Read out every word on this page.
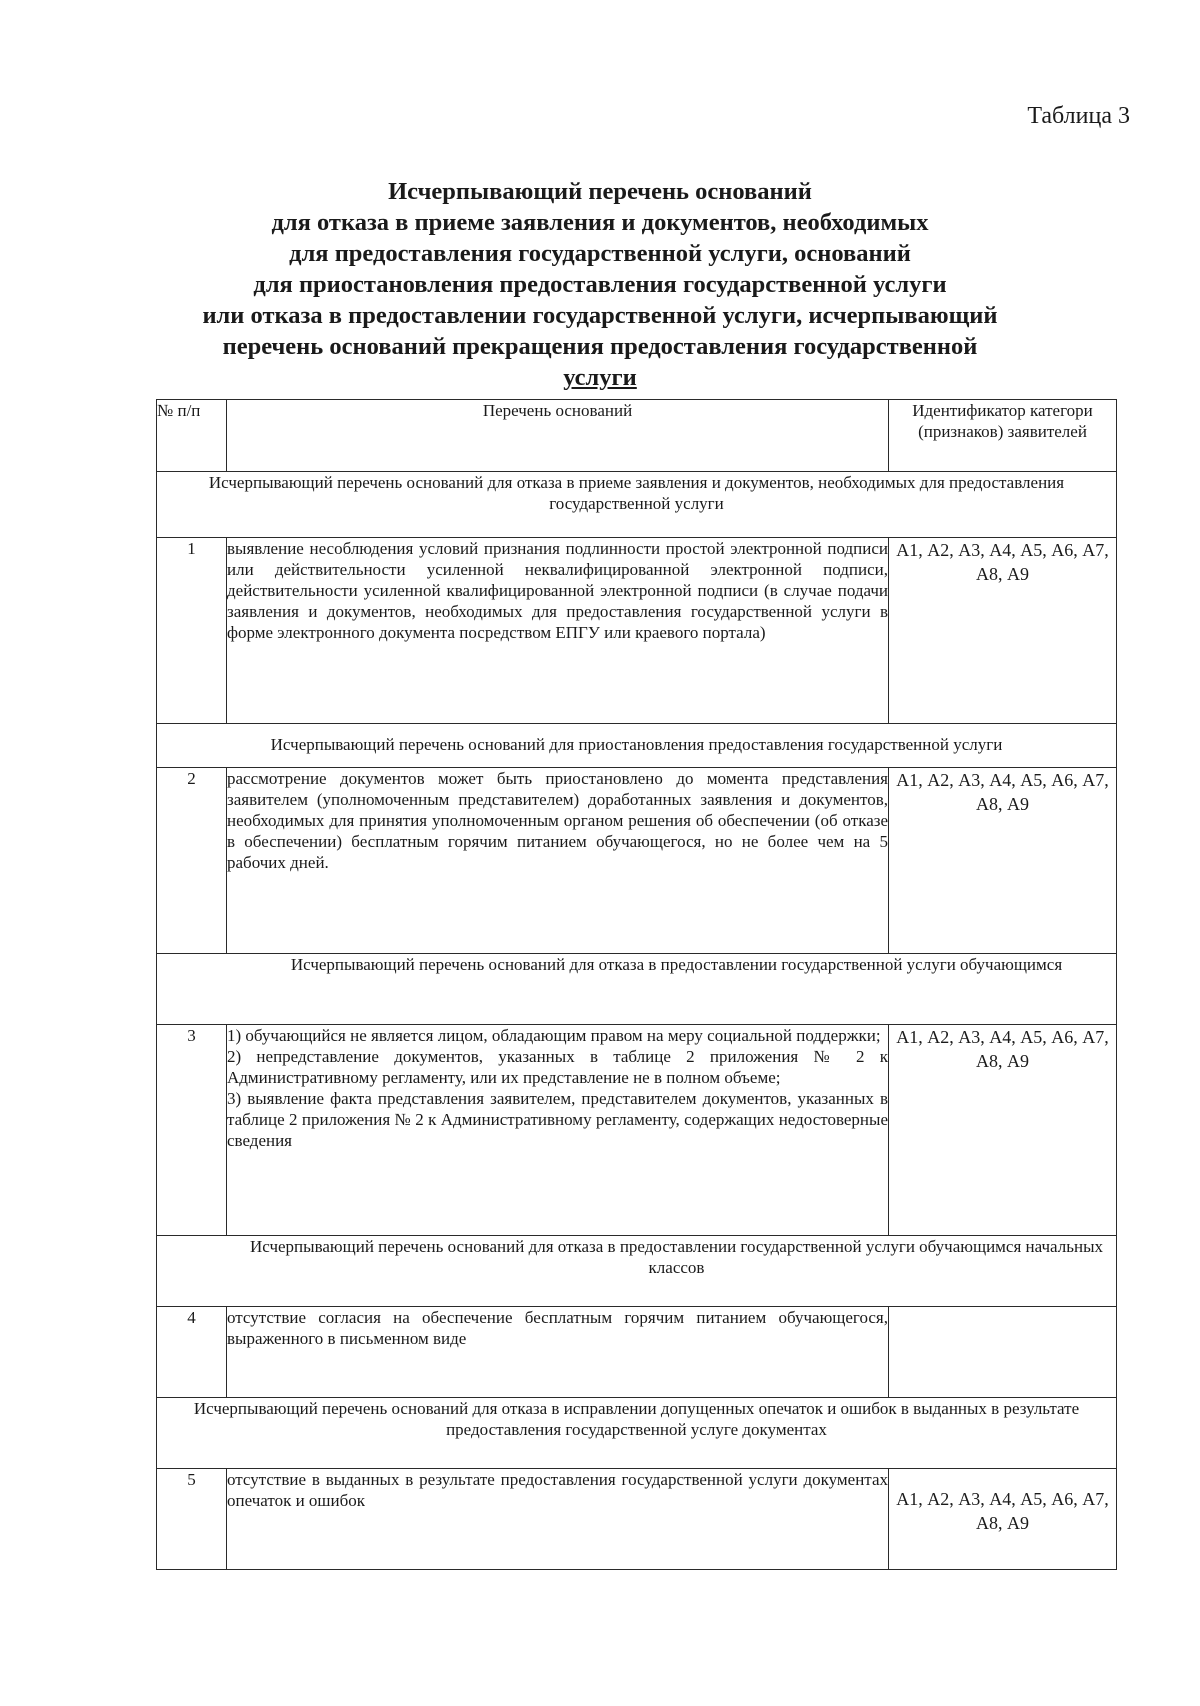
Таблица 3
Исчерпывающий перечень оснований
для отказа в приеме заявления и документов, необходимых
для предоставления государственной услуги, оснований
для приостановления предоставления государственной услуги
или отказа в предоставлении государственной услуги, исчерпывающий
перечень оснований прекращения предоставления государственной
услуги
№ п/п	Перечень оснований	Идентификатор категори
(признаков) заявителей
Исчерпывающий перечень оснований для отказа в приеме заявления и документов, необходимых для предоставления государственной услуги		
1	выявление несоблюдения условий признания подлинности простой электронной подписи или действительности усиленной неквалифицированной электронной подписи, действительности усиленной квалифицированной электронной подписи (в случае подачи заявления и документов, необходимых для предоставления государственной услуги в форме электронного документа посредством ЕПГУ или краевого портала)	А1, А2, А3, А4, А5, А6, А7, А8, А9
Исчерпывающий перечень оснований для приостановления предоставления государственной услуги		
2	рассмотрение документов может быть приостановлено до момента представления заявителем (уполномоченным представителем) доработанных заявления и документов, необходимых для принятия уполномоченным органом решения об обеспечении (об отказе в обеспечении) бесплатным горячим питанием обучающегося, но не более чем на 5 рабочих дней.	А1, А2, А3, А4, А5, А6, А7, А8, А9
Исчерпывающий перечень оснований для отказа в предоставлении государственной услуги обучающимся		
3	1) обучающийся не является лицом, обладающим правом на меру социальной поддержки;

2) непредставление документов, указанных в таблице 2 приложения № 2 к Административному регламенту, или их представление не в полном объеме;

3) выявление факта представления заявителем, представителем документов, указанных в таблице 2 приложения № 2 к Административному регламенту, содержащих недостоверные сведения	А1, А2, А3, А4, А5, А6, А7, А8, А9
Исчерпывающий перечень оснований для отказа в предоставлении государственной услуги обучающимся начальных классов		
4	отсутствие согласия на обеспечение бесплатным горячим питанием обучающегося, выраженного в письменном виде	
Исчерпывающий перечень оснований для отказа в исправлении допущенных опечаток и ошибок в выданных в результате предоставления государственной услуге документах		
5	отсутствие в выданных в результате предоставления государственной услуги документах опечаток и ошибок	А1, А2, А3, А4, А5, А6, А7, А8, А9
